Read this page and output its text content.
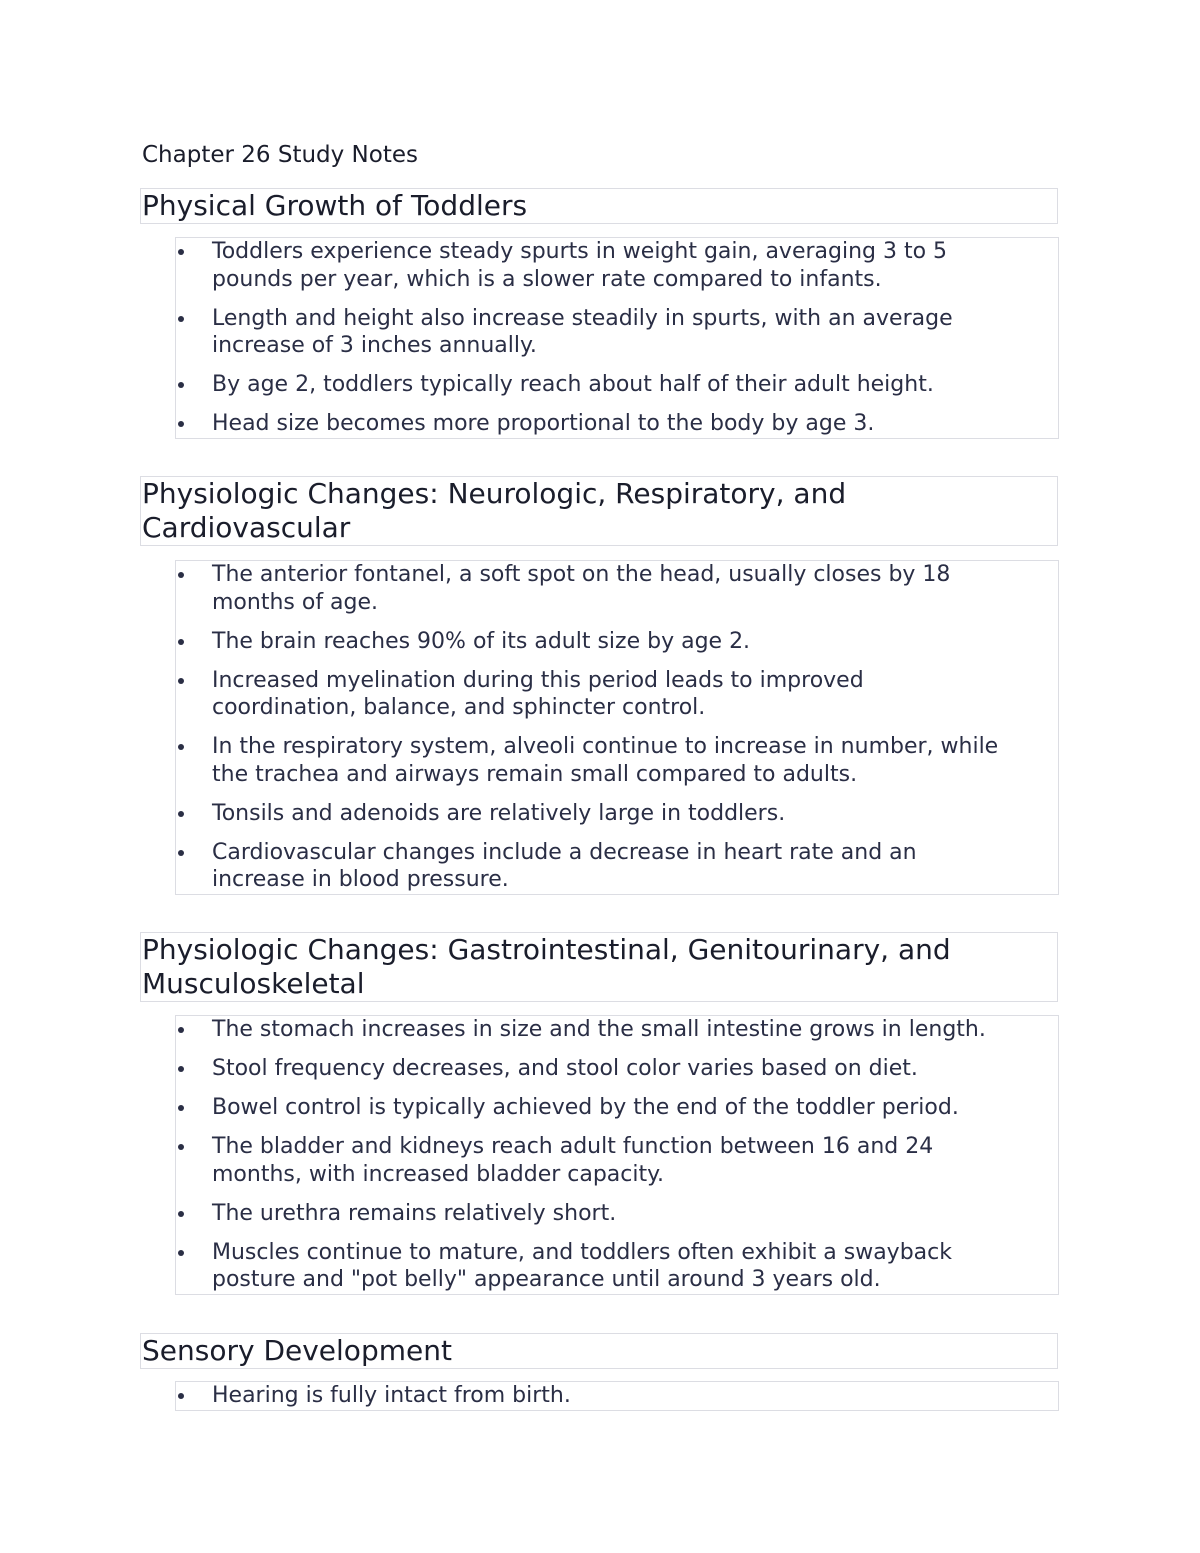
Chapter 26 Study Notes
Physical Growth of Toddlers
Toddlers experience steady spurts in weight gain, averaging 3 to 5
pounds per year, which is a slower rate compared to infants.
Length and height also increase steadily in spurts, with an average
increase of 3 inches annually.
By age 2, toddlers typically reach about half of their adult height.
Head size becomes more proportional to the body by age 3.
Physiologic Changes: Neurologic, Respiratory, and
Cardiovascular
The anterior fontanel, a soft spot on the head, usually closes by 18
months of age.
The brain reaches 90% of its adult size by age 2.
Increased myelination during this period leads to improved
coordination, balance, and sphincter control.
In the respiratory system, alveoli continue to increase in number, while
the trachea and airways remain small compared to adults.
Tonsils and adenoids are relatively large in toddlers.
Cardiovascular changes include a decrease in heart rate and an
increase in blood pressure.
Physiologic Changes: Gastrointestinal, Genitourinary, and
Musculoskeletal
The stomach increases in size and the small intestine grows in length.
Stool frequency decreases, and stool color varies based on diet.
Bowel control is typically achieved by the end of the toddler period.
The bladder and kidneys reach adult function between 16 and 24
months, with increased bladder capacity.
The urethra remains relatively short.
Muscles continue to mature, and toddlers often exhibit a swayback
posture and "pot belly" appearance until around 3 years old.
Sensory Development
Hearing is fully intact from birth.
